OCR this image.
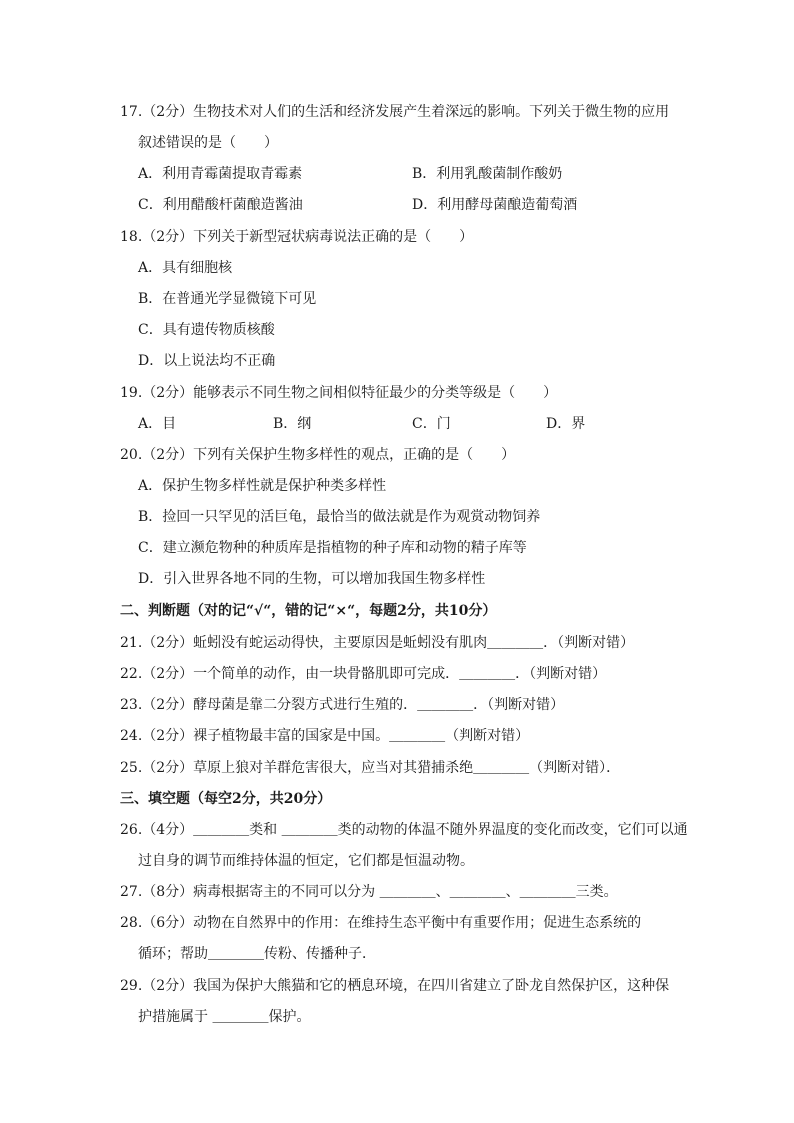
17.（2分）生物技术对人们的生活和经济发展产生着深远的影响。下列关于微生物的应用
叙述错误的是（　　）
A．利用青霉菌提取青霉素	B．利用乳酸菌制作酸奶
C．利用醋酸杆菌酿造酱油	D．利用酵母菌酿造葡萄酒
18.（2分）下列关于新型冠状病毒说法正确的是（　　）
A．具有细胞核
B．在普通光学显微镜下可见
C．具有遗传物质核酸
D．以上说法均不正确
19.（2分）能够表示不同生物之间相似特征最少的分类等级是（　　）
A．目	B．纲	C．门	D．界
20.（2分）下列有关保护生物多样性的观点，正确的是（　　）
A．保护生物多样性就是保护种类多样性
B．捡回一只罕见的活巨龟，最恰当的做法就是作为观赏动物饲养
C．建立濒危物种的种质库是指植物的种子库和动物的精子库等
D．引入世界各地不同的生物，可以增加我国生物多样性
二、判断题（对的记“√“，错的记“×“，每题2分，共10分）
21.（2分）蚯蚓没有蛇运动得快，主要原因是蚯蚓没有肌肉＿＿＿＿．（判断对错）
22.（2分）一个简单的动作，由一块骨骼肌即可完成．＿＿＿＿．（判断对错）
23.（2分）酵母菌是靠二分裂方式进行生殖的．＿＿＿＿．（判断对错）
24.（2分）裸子植物最丰富的国家是中国。＿＿＿＿（判断对错）
25.（2分）草原上狼对羊群危害很大，应当对其猎捕杀绝＿＿＿＿（判断对错）．
三、填空题（每空2分，共20分）
26.（4分）＿＿＿＿类和 ＿＿＿＿类的动物的体温不随外界温度的变化而改变，它们可以通
过自身的调节而维持体温的恒定，它们都是恒温动物。
27.（8分）病毒根据寄主的不同可以分为 ＿＿＿＿、＿＿＿＿、＿＿＿＿三类。
28.（6分）动物在自然界中的作用：在维持生态平衡中有重要作用；促进生态系统的
循环；帮助＿＿＿＿传粉、传播种子．
29.（2分）我国为保护大熊猫和它的栖息环境，在四川省建立了卧龙自然保护区，这种保
护措施属于 ＿＿＿＿保护。
